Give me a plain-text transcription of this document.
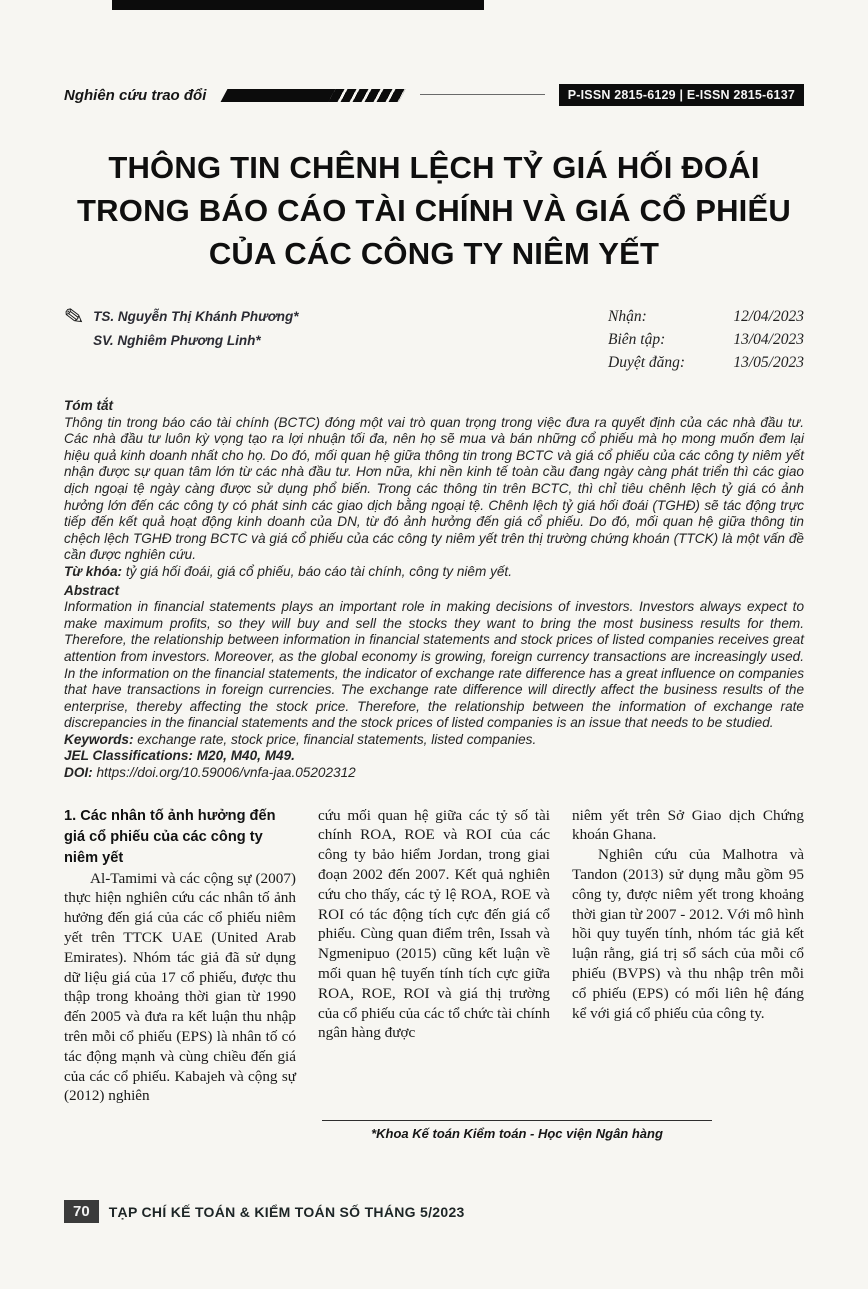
Nghiên cứu trao đổi	P-ISSN 2815-6129 | E-ISSN 2815-6137
THÔNG TIN CHÊNH LỆCH TỶ GIÁ HỐI ĐOÁI
TRONG BÁO CÁO TÀI CHÍNH VÀ GIÁ CỔ PHIẾU
CỦA CÁC CÔNG TY NIÊM YẾT
✎ TS. Nguyễn Thị Khánh Phương*
SV. Nghiêm Phương Linh*
Nhận:	12/04/2023
Biên tập:	13/04/2023
Duyệt đăng:	13/05/2023
Tóm tắt

Thông tin trong báo cáo tài chính (BCTC) đóng một vai trò quan trọng trong việc đưa ra quyết định của các nhà đầu tư. Các nhà đầu tư luôn kỳ vọng tạo ra lợi nhuận tối đa, nên họ sẽ mua và bán những cổ phiếu mà họ mong muốn đem lại hiệu quả kinh doanh nhất cho họ. Do đó, mối quan hệ giữa thông tin trong BCTC và giá cổ phiếu của các công ty niêm yết nhận được sự quan tâm lớn từ các nhà đầu tư. Hơn nữa, khi nền kinh tế toàn cầu đang ngày càng phát triển thì các giao dịch ngoại tệ ngày càng được sử dụng phổ biến. Trong các thông tin trên BCTC, thì chỉ tiêu chênh lệch tỷ giá có ảnh hưởng lớn đến các công ty có phát sinh các giao dịch bằng ngoại tệ. Chênh lệch tỷ giá hối đoái (TGHĐ) sẽ tác động trực tiếp đến kết quả hoạt động kinh doanh của DN, từ đó ảnh hưởng đến giá cổ phiếu. Do đó, mối quan hệ giữa thông tin chệch lệch TGHĐ trong BCTC và giá cổ phiếu của các công ty niêm yết trên thị trường chứng khoán (TTCK) là một vấn đề cần được nghiên cứu.

Từ khóa: tỷ giá hối đoái, giá cổ phiếu, báo cáo tài chính, công ty niêm yết.

Abstract

Information in financial statements plays an important role in making decisions of investors. Investors always expect to make maximum profits, so they will buy and sell the stocks they want to bring the most business results for them. Therefore, the relationship between information in financial statements and stock prices of listed companies receives great attention from investors. Moreover, as the global economy is growing, foreign currency transactions are increasingly used. In the information on the financial statements, the indicator of exchange rate difference has a great influence on companies that have transactions in foreign currencies. The exchange rate difference will directly affect the business results of the enterprise, thereby affecting the stock price. Therefore, the relationship between the information of exchange rate discrepancies in the financial statements and the stock prices of listed companies is an issue that needs to be studied.

Keywords: exchange rate, stock price, financial statements, listed companies.

JEL Classifications: M20, M40, M49.

DOI: https://doi.org/10.59006/vnfa-jaa.05202312

1. Các nhân tố ảnh hưởng đến giá cổ phiếu của các công ty niêm yết

Al-Tamimi và các cộng sự (2007) thực hiện nghiên cứu các nhân tố ảnh hưởng đến giá của các cổ phiếu niêm yết trên TTCK UAE (United Arab Emirates). Nhóm tác giả đã sử dụng dữ liệu giá của 17 cổ phiếu, được thu thập trong khoảng thời gian từ 1990 đến 2005 và đưa ra kết luận thu nhập trên mỗi cổ phiếu (EPS) là nhân tố có tác động mạnh và cùng chiều đến giá của các cổ phiếu. Kabajeh và cộng sự (2012) nghiên

cứu mối quan hệ giữa các tỷ số tài chính ROA, ROE và ROI của các công ty bảo hiểm Jordan, trong giai đoạn 2002 đến 2007. Kết quả nghiên cứu cho thấy, các tỷ lệ ROA, ROE và ROI có tác động tích cực đến giá cổ phiếu. Cùng quan điểm trên, Issah và Ngmenipuo (2015) cũng kết luận về mối quan hệ tuyến tính tích cực giữa ROA, ROE, ROI và giá thị trường của cổ phiếu của các tổ chức tài chính ngân hàng được

niêm yết trên Sở Giao dịch Chứng khoán Ghana.

Nghiên cứu của Malhotra và Tandon (2013) sử dụng mẫu gồm 95 công ty, được niêm yết trong khoảng thời gian từ 2007 - 2012. Với mô hình hồi quy tuyến tính, nhóm tác giả kết luận rằng, giá trị sổ sách của mỗi cổ phiếu (BVPS) và thu nhập trên mỗi cổ phiếu (EPS) có mối liên hệ đáng kể với giá cổ phiếu của công ty.

*Khoa Kế toán Kiểm toán - Học viện Ngân hàng
70	TẠP CHÍ KẾ TOÁN & KIỂM TOÁN SỐ THÁNG 5/2023
